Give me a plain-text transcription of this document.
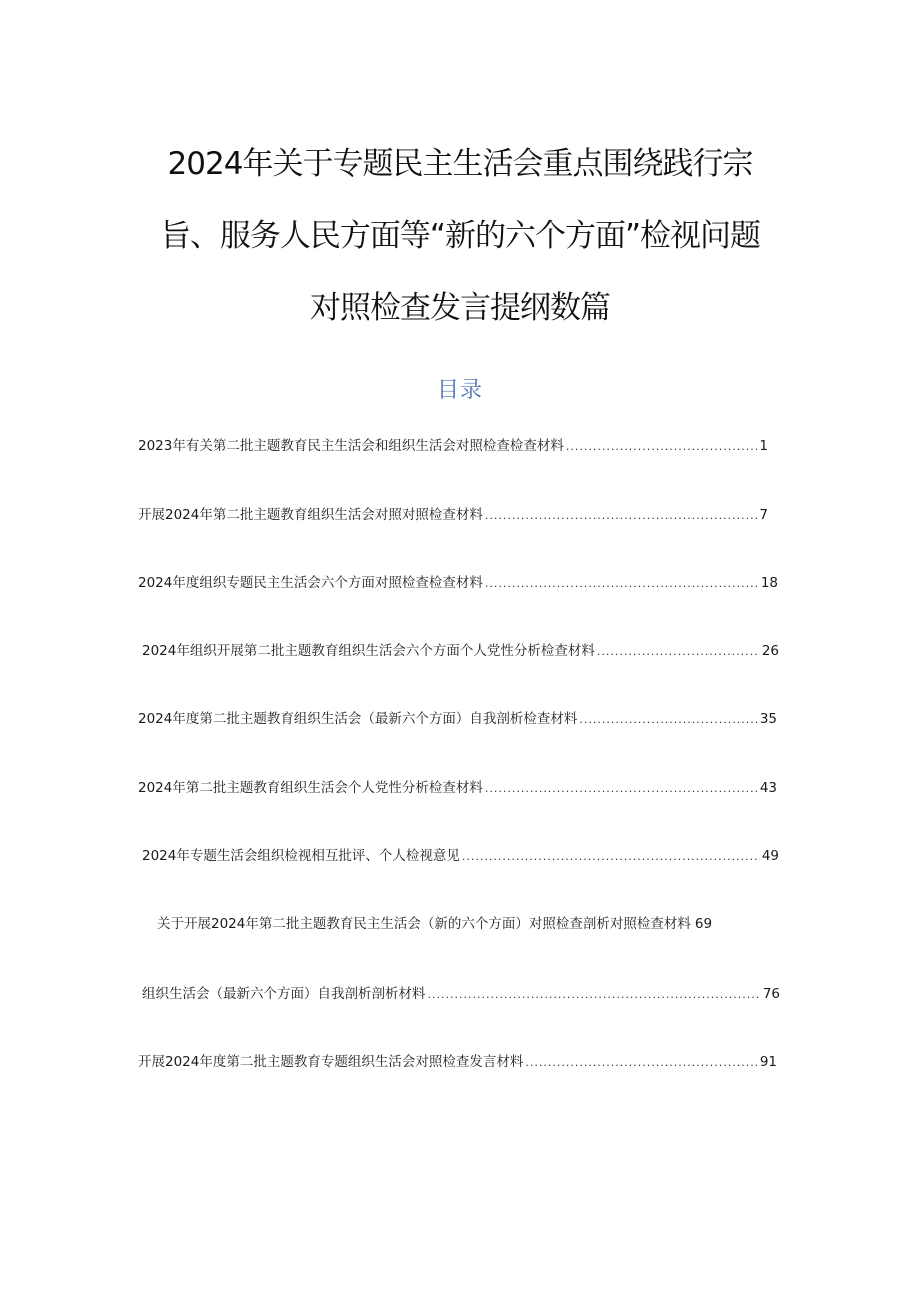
2024年关于专题民主生活会重点围绕践行宗
旨、服务人民方面等“新的六个方面”检视问题
对照检查发言提纲数篇
目录
2023年有关第二批主题教育民主生活会和组织生活会对照检查检查材料 .....	1
开展2024年第二批主题教育组织生活会对照对照检查材料 .....	7
2024年度组织专题民主生活会六个方面对照检查检查材料 .....	18
2024年组织开展第二批主题教育组织生活会六个方面个人党性分析检查材料 .....	26
2024年度第二批主题教育组织生活会（最新六个方面）自我剖析检查材料 .....	35
2024年第二批主题教育组织生活会个人党性分析检查材料 .....	43
2024年专题生活会组织检视相互批评、个人检视意见 .....	49
关于开展2024年第二批主题教育民主生活会（新的六个方面）对照检查剖析对照检查材料 69
组织生活会（最新六个方面）自我剖析剖析材料 .....	76
开展2024年度第二批主题教育专题组织生活会对照检查发言材料 .....	91
